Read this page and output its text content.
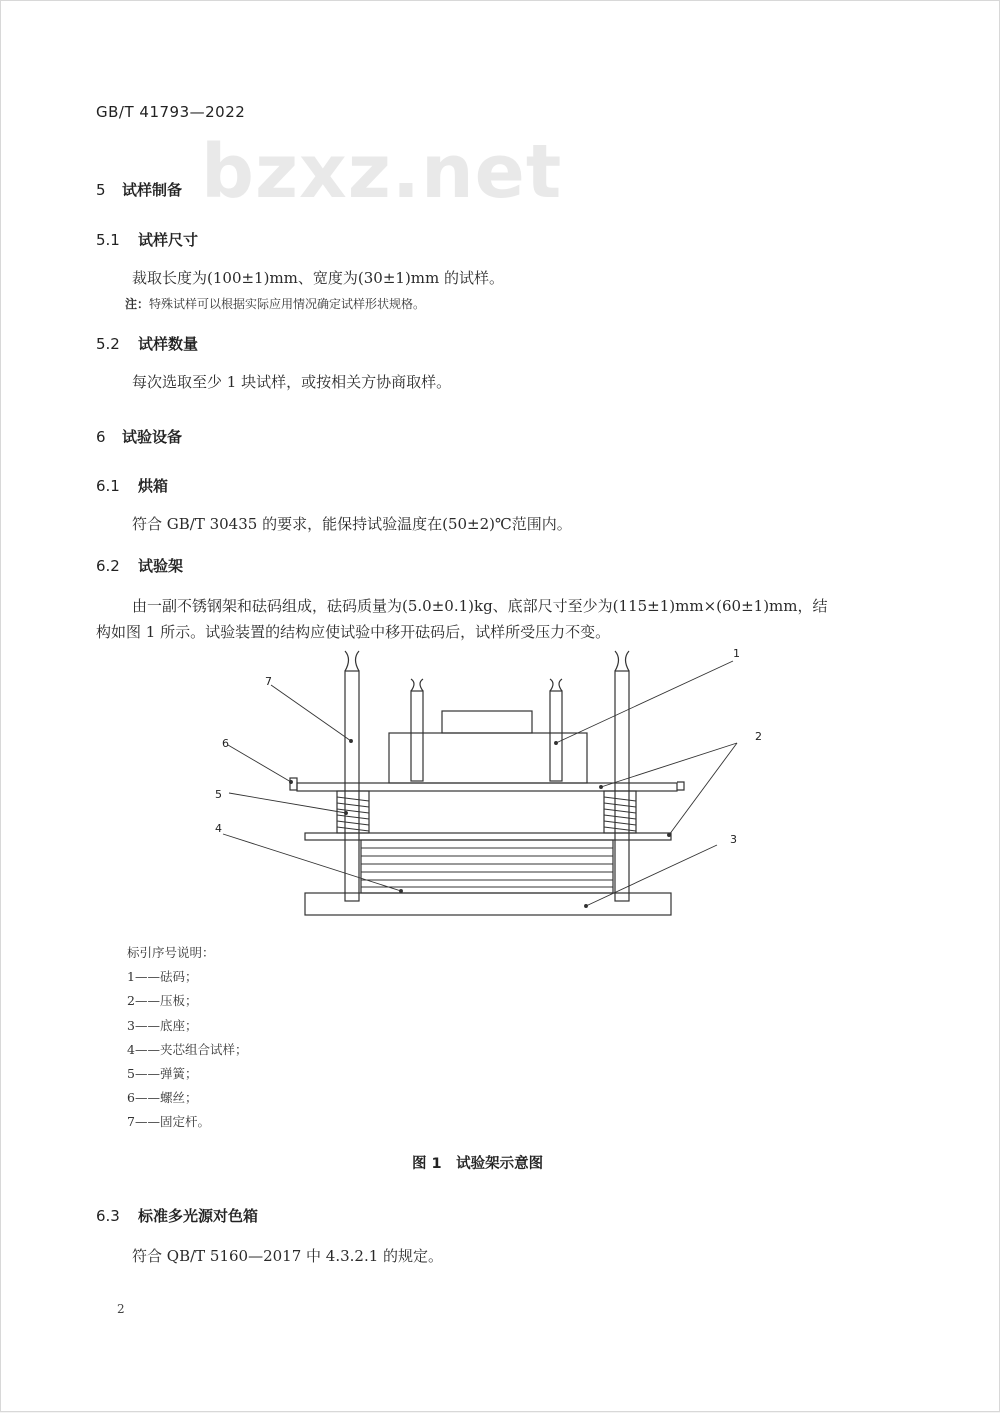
GB/T 41793—2022
bzxz.net
5 试样制备
5.1 试样尺寸
裁取长度为(100±1)mm、宽度为(30±1)mm 的试样。
注：特殊试样可以根据实际应用情况确定试样形状规格。
5.2 试样数量
每次选取至少 1 块试样，或按相关方协商取样。
6 试验设备
6.1 烘箱
符合 GB/T 30435 的要求，能保持试验温度在(50±2)℃范围内。
6.2 试验架
由一副不锈钢架和砝码组成，砝码质量为(5.0±0.1)kg、底部尺寸至少为(115±1)mm×(60±1)mm，结
构如图 1 所示。试验装置的结构应使试验中移开砝码后，试样所受压力不变。
1
2
3
4
5
6
7
标引序号说明：
1——砝码；
2——压板；
3——底座；
4——夹芯组合试样；
5——弹簧；
6——螺丝；
7——固定杆。
图 1　试验架示意图
6.3 标准多光源对色箱
符合 QB/T 5160—2017 中 4.3.2.1 的规定。
2
